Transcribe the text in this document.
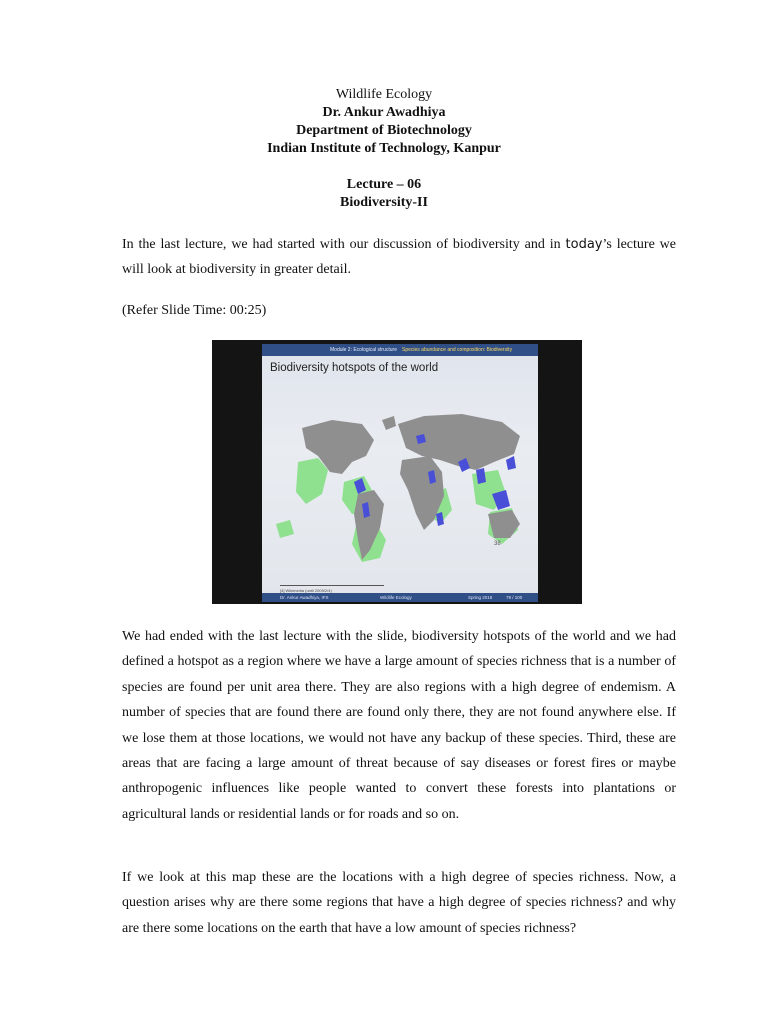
Wildlife Ecology

Dr. Ankur Awadhiya

Department of Biotechnology

Indian Institute of Technology, Kanpur

Lecture – 06

Biodiversity-II

In the last lecture, we had started with our discussion of biodiversity and in today’s lecture we will look at biodiversity in greater detail.

(Refer Slide Time: 00:25)

Module 2: Ecological structure Species abundance and composition: Biodiversity
Biodiversity hotspots of the world
38
[4] Wikimedia (until 2009/2/4)
Dr. Ankur Awadhiya, IFS	Wildlife Ecology	Spring 2018	79 / 100

We had ended with the last lecture with the slide, biodiversity hotspots of the world and we had defined a hotspot as a region where we have a large amount of species richness that is a number of species are found per unit area there. They are also regions with a high degree of endemism. A number of species that are found there are found only there, they are not found anywhere else. If we lose them at those locations, we would not have any backup of these species. Third, these are areas that are facing a large amount of threat because of say diseases or forest fires or maybe anthropogenic influences like people wanted to convert these forests into plantations or agricultural lands or residential lands or for roads and so on.

If we look at this map these are the locations with a high degree of species richness. Now, a question arises why are there some regions that have a high degree of species richness? and why are there some locations on the earth that have a low amount of species richness?
